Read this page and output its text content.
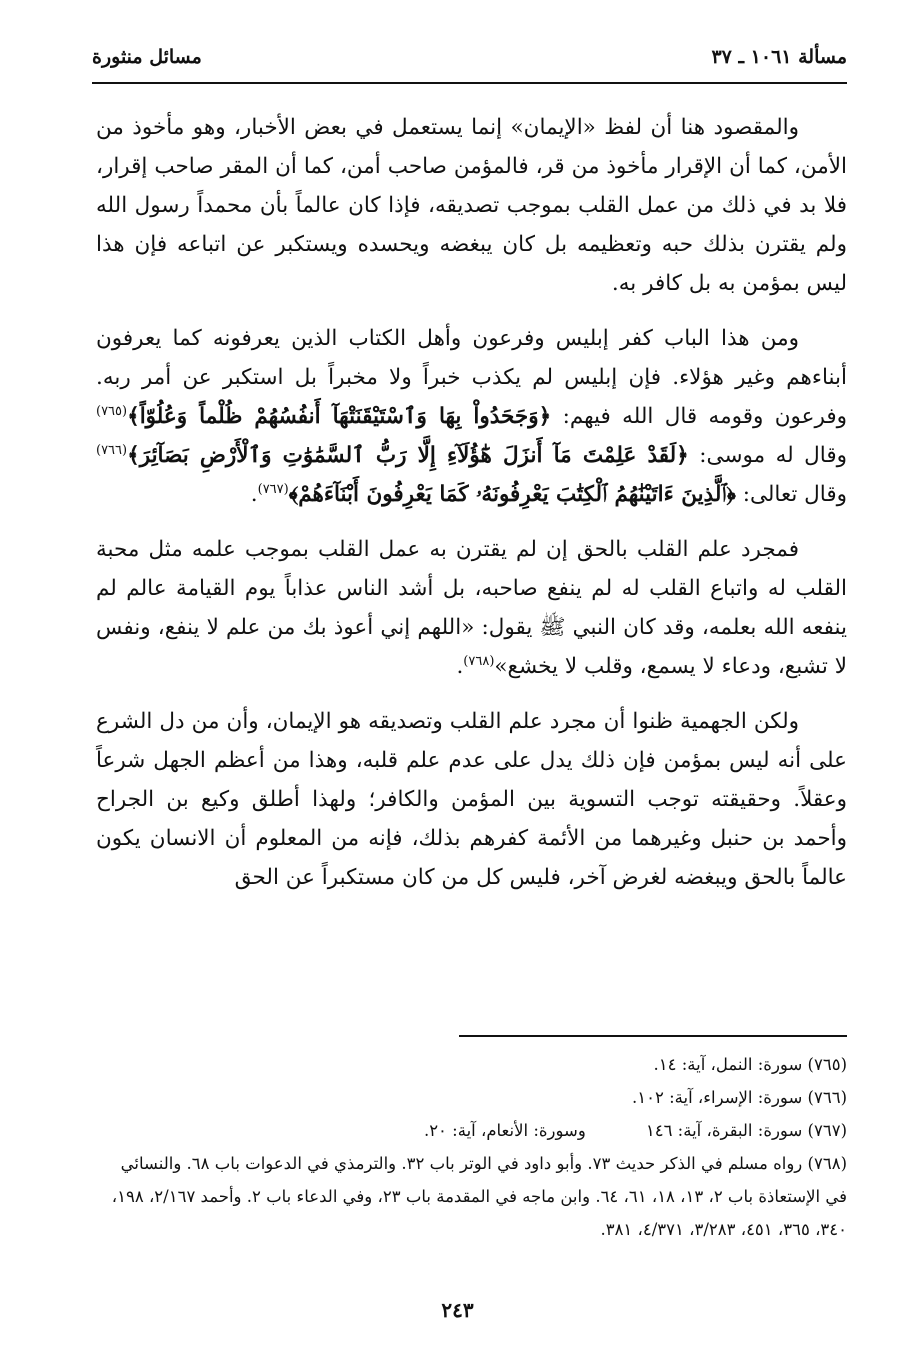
مسألة ١٠٦١ ـ ٣٧
مسائل منثورة

والمقصود هنا أن لفظ «الإيمان» إنما يستعمل في بعض الأخبار، وهو مأخوذ من الأمن، كما أن الإقرار مأخوذ من قر، فالمؤمن صاحب أمن، كما أن المقر صاحب إقرار، فلا بد في ذلك من عمل القلب بموجب تصديقه، فإذا كان عالماً بأن محمداً رسول الله ولم يقترن بذلك حبه وتعظيمه بل كان يبغضه ويحسده ويستكبر عن اتباعه فإن هذا ليس بمؤمن به بل كافر به.

ومن هذا الباب كفر إبليس وفرعون وأهل الكتاب الذين يعرفونه كما يعرفون أبناءهم وغير هؤلاء. فإن إبليس لم يكذب خبراً ولا مخبراً بل استكبر عن أمر ربه. وفرعون وقومه قال الله فيهم: ﴿وَجَحَدُواْ بِهَا وَٱسْتَيْقَنَتْهَآ أَنفُسُهُمْ ظُلْماً وَعُلُوّاً﴾$^{(٧٦٥)}$ وقال له موسى: ﴿لَقَدْ عَلِمْتَ مَآ أَنزَلَ هَٰٓؤُلَآءِ إِلَّا رَبُّ ٱلسَّمَٰوَٰتِ وَٱلْأَرْضِ بَصَآئِرَ﴾$^{(٧٦٦)}$ وقال تعالى: ﴿ٱلَّذِينَ ءَاتَيْنَٰهُمُ ٱلْكِتَٰبَ يَعْرِفُونَهُۥ كَمَا يَعْرِفُونَ أَبْنَآءَهُمْ﴾$^{(٧٦٧)}$.

فمجرد علم القلب بالحق إن لم يقترن به عمل القلب بموجب علمه مثل محبة القلب له واتباع القلب له لم ينفع صاحبه، بل أشد الناس عذاباً يوم القيامة عالم لم ينفعه الله بعلمه، وقد كان النبي ﷺ يقول: «اللهم إني أعوذ بك من علم لا ينفع، ونفس لا تشبع، ودعاء لا يسمع، وقلب لا يخشع»$^{(٧٦٨)}$.

ولكن الجهمية ظنوا أن مجرد علم القلب وتصديقه هو الإيمان، وأن من دل الشرع على أنه ليس بمؤمن فإن ذلك يدل على عدم علم قلبه، وهذا من أعظم الجهل شرعاً وعقلاً. وحقيقته توجب التسوية بين المؤمن والكافر؛ ولهذا أطلق وكيع بن الجراح وأحمد بن حنبل وغيرهما من الأئمة كفرهم بذلك، فإنه من المعلوم أن الانسان يكون عالماً بالحق ويبغضه لغرض آخر، فليس كل من كان مستكبراً عن الحق

(٧٦٥) سورة: النمل، آية: ١٤.

(٧٦٦) سورة: الإسراء، آية: ١٠٢.

(٧٦٧) سورة: البقرة، آية: ١٤٦وسورة: الأنعام، آية: ٢٠.

(٧٦٨) رواه مسلم في الذكر حديث ٧٣. وأبو داود في الوتر باب ٣٢. والترمذي في الدعوات باب ٦٨. والنسائي في الإستعاذة باب ٢، ١٣، ١٨، ٦١، ٦٤. وابن ماجه في المقدمة باب ٢٣، وفي الدعاء باب ٢. وأحمد ٢/١٦٧، ١٩٨، ٣٤٠، ٣٦٥، ٤٥١، ٣/٢٨٣، ٤/٣٧١، ٣٨١.

٢٤٣
